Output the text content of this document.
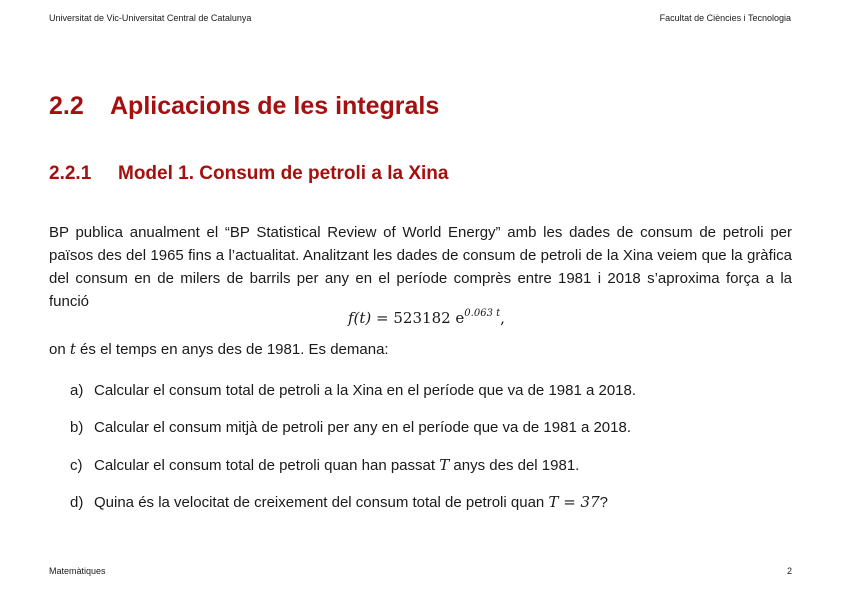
Universitat de Vic-Universitat Central de Catalunya	Facultat de Ciències i Tecnologia
2.2 Aplicacions de les integrals
2.2.1 Model 1. Consum de petroli a la Xina

BP publica anualment el “BP Statistical Review of World Energy” amb les dades de consum de petroli per països des del 1965 fins a l’actualitat. Analitzant les dades de consum de petroli de la Xina veiem que la gràfica del consum en de milers de barrils per any en el període comprès entre 1981 i 2018 s’aproxima força a la funció

f(t) = 523182 $e^{0.063 t}$,

on t és el temps en anys des de 1981. Es demana:

a) Calcular el consum total de petroli a la Xina en el període que va de 1981 a 2018.
b) Calcular el consum mitjà de petroli per any en el període que va de 1981 a 2018.
c) Calcular el consum total de petroli quan han passat T anys des del 1981.
d) Quina és la velocitat de creixement del consum total de petroli quan T = 37?
Matemàtiques	2
